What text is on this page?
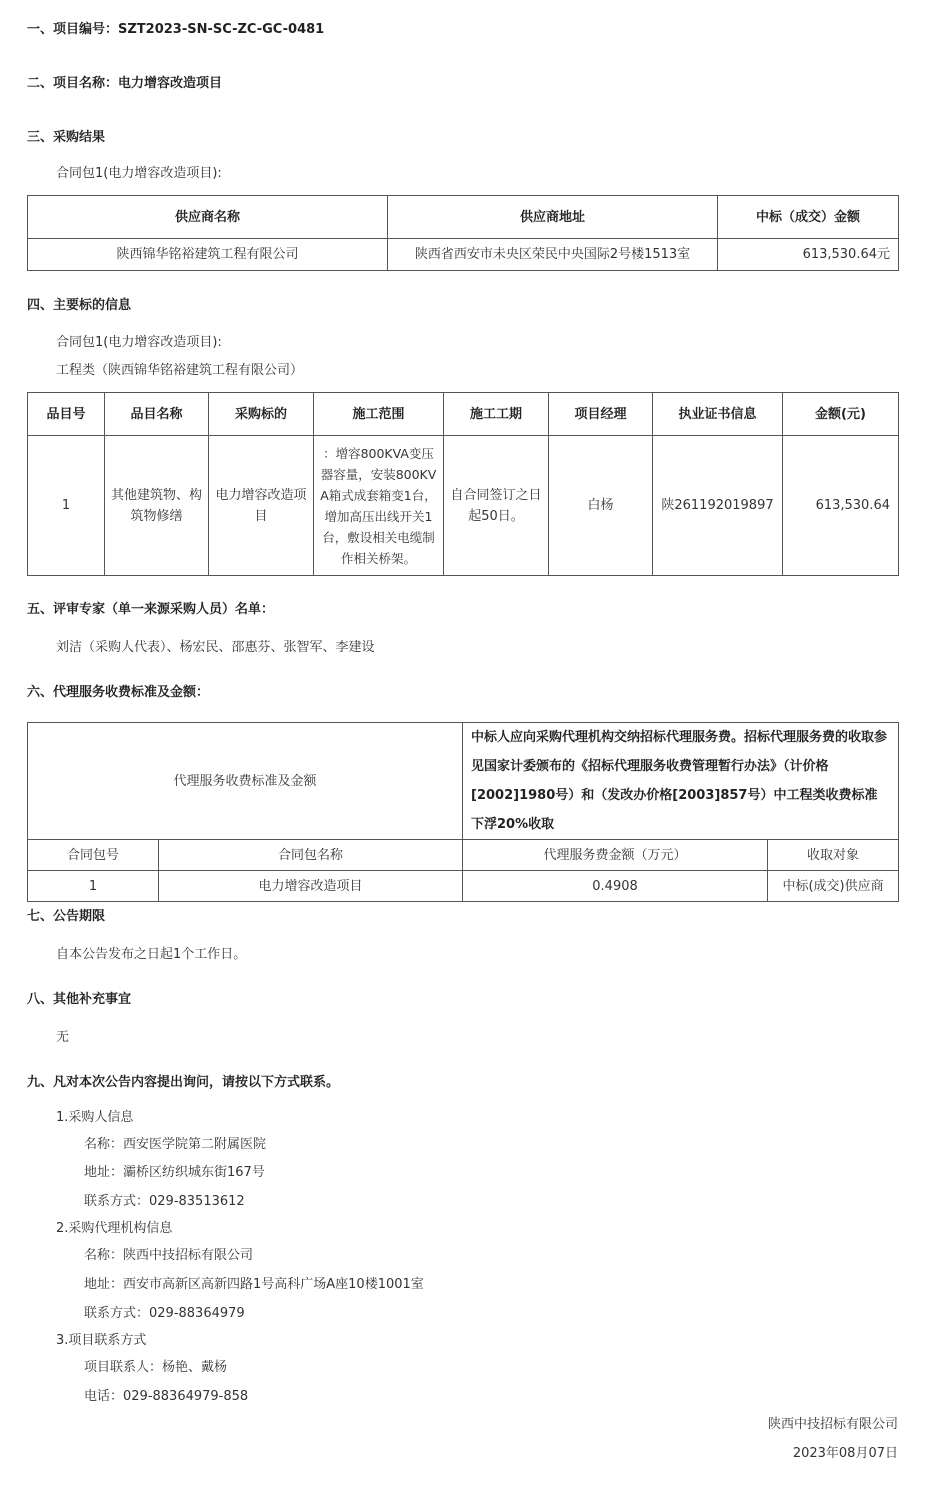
一、项目编号：SZT2023-SN-SC-ZC-GC-0481
二、项目名称：电力增容改造项目
三、采购结果
合同包1(电力增容改造项目):
供应商名称	供应商地址	中标（成交）金额
陕西锦华铭裕建筑工程有限公司	陕西省西安市未央区荣民中央国际2号楼1513室	613,530.64元
四、主要标的信息
合同包1(电力增容改造项目):
工程类（陕西锦华铭裕建筑工程有限公司）
品目号	品目名称	采购标的	施工范围	施工工期	项目经理	执业证书信息	金额(元)
1	其他建筑物、构筑物修缮	电力增容改造项目	：增容800KVA变压器容量，安装800KVA箱式成套箱变1台，增加高压出线开关1台，敷设相关电缆制作相关桥架。	自合同签订之日起50日。	白杨	陕261192019897	613,530.64
五、评审专家（单一来源采购人员）名单：
刘洁（采购人代表）、杨宏民、邵惠芬、张智军、李建设
六、代理服务收费标准及金额：
代理服务收费标准及金额		中标人应向采购代理机构交纳招标代理服务费。招标代理服务费的收取参见国家计委颁布的《招标代理服务收费管理暂行办法》（计价格[2002]1980号）和（发改办价格[2003]857号）中工程类收费标准下浮20%收取	
合同包号	合同包名称	代理服务费金额（万元）	收取对象
1	电力增容改造项目	0.4908	中标(成交)供应商
七、公告期限
自本公告发布之日起1个工作日。
八、其他补充事宜
无
九、凡对本次公告内容提出询问，请按以下方式联系。
1.采购人信息
名称：西安医学院第二附属医院
地址：灞桥区纺织城东街167号
联系方式：029-83513612
2.采购代理机构信息
名称：陕西中技招标有限公司
地址：西安市高新区高新四路1号高科广场A座10楼1001室
联系方式：029-88364979
3.项目联系方式
项目联系人：杨艳、戴杨
电话：029-88364979-858
陕西中技招标有限公司
2023年08月07日
